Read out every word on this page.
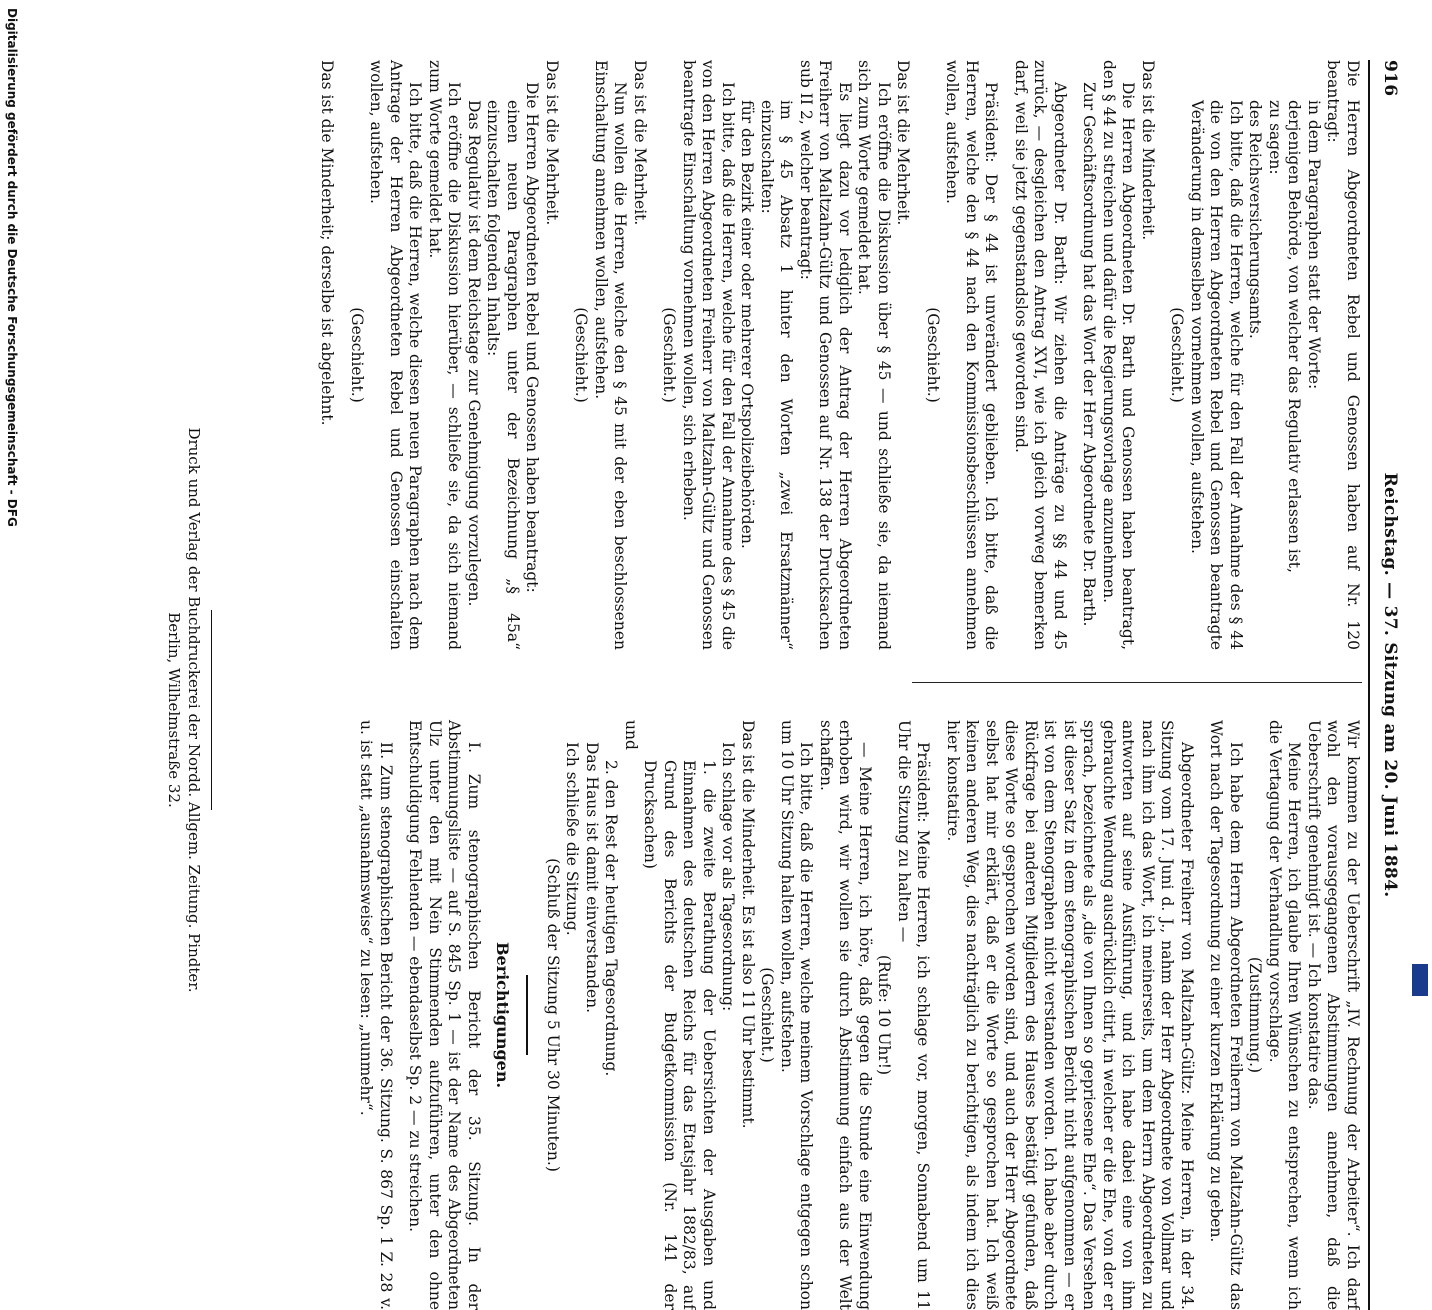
916
Reichstag. — 37. Sitzung am 20. Juni 1884.

Die Herren Abgeordneten Rebel und Genossen haben auf Nr. 120 beantragt:

in dem Paragraphen statt der Worte:

derjenigen Behörde, von welcher das Regulativ erlassen ist,

zu sagen:

des Reichsversicherungsamts.

Ich bitte, daß die Herren, welche für den Fall der Annahme des § 44 die von den Herren Abgeordneten Rebel und Genossen beantragte Veränderung in demselben vornehmen wollen, aufstehen.

(Geschieht.)

Das ist die Minderheit.

Die Herren Abgeordneten Dr. Barth und Genossen haben beantragt, den § 44 zu streichen und dafür die Regierungsvorlage anzunehmen.

Zur Geschäftsordnung hat das Wort der Herr Abgeordnete Dr. Barth.

Abgeordneter Dr. Barth: Wir ziehen die Anträge zu §§ 44 und 45 zurück, — desgleichen den Antrag XVI, wie ich gleich vorweg bemerken darf, weil sie jetzt gegenstandslos geworden sind.

Präsident: Der § 44 ist unverändert geblieben. Ich bitte, daß die Herren, welche den § 44 nach den Kommissionsbeschlüssen annehmen wollen, aufstehen.

(Geschieht.)

Das ist die Mehrheit.

Ich eröffne die Diskussion über § 45 — und schließe sie, da niemand sich zum Worte gemeldet hat.

Es liegt dazu vor lediglich der Antrag der Herren Abgeordneten Freiherr von Maltzahn-Gültz und Genossen auf Nr. 138 der Drucksachen sub II 2, welcher beantragt:

im § 45 Absatz 1 hinter den Worten „zwei Ersatzmänner“ einzuschalten:

für den Bezirk einer oder mehrerer Ortspolizeibehörden.

Ich bitte, daß die Herren, welche für den Fall der Annahme des § 45 die von den Herren Abgeordneten Freiherr von Maltzahn-Gültz und Genossen beantragte Einschaltung vornehmen wollen, sich erheben.

(Geschieht.)

Das ist die Mehrheit.

Nun wollen die Herren, welche den § 45 mit der eben beschlossenen Einschaltung annehmen wollen, aufstehen.

(Geschieht.)

Das ist die Mehrheit.

Die Herren Abgeordneten Rebel und Genossen haben beantragt:

einen neuen Paragraphen unter der Bezeichnung „§ 45a“ einzuschalten folgenden Inhalts:

Das Regulativ ist dem Reichstage zur Genehmigung vorzulegen.

Ich eröffne die Diskussion hierüber, — schließe sie, da sich niemand zum Worte gemeldet hat.

Ich bitte, daß die Herren, welche diesen neuen Paragraphen nach dem Antrage der Herren Abgeordneten Rebel und Genossen einschalten wollen, aufstehen.

(Geschieht.)

Das ist die Minderheit; derselbe ist abgelehnt.

Wir kommen zu der Ueberschrift „IV. Rechnung der Arbeiter“. Ich darf wohl den vorausgegangenen Abstimmungen annehmen, daß die Ueberschrift genehmigt ist. — Ich konstatire das.

Meine Herren, ich glaube Ihren Wünschen zu entsprechen, wenn ich die Vertagung der Verhandlung vorschlage.

(Zustimmung.)

Ich habe dem Herrn Abgeordneten Freiherrn von Maltzahn-Gültz das Wort nach der Tagesordnung zu einer kurzen Erklärung zu geben.

Abgeordneter Freiherr von Maltzahn-Gültz: Meine Herren, in der 34. Sitzung vom 17. Juni d. J., nahm der Herr Abgeordnete von Vollmar und nach ihm ich das Wort, ich meinerseits, um dem Herrn Abgeordneten zu antworten auf seine Ausführung, und ich habe dabei eine von ihm gebrauchte Wendung ausdrücklich citirt, in welcher er die Ehe, von der er sprach, bezeichnete als „die von Ihnen so gepriesene Ehe“. Das Versehen ist dieser Satz in dem stenographischen Bericht nicht aufgenommen — er ist von dem Stenographen nicht verstanden worden. Ich habe aber durch Rückfrage bei anderen Mitgliedern des Hauses bestätigt gefunden, daß diese Worte so gesprochen worden sind, und auch der Herr Abgeordnete selbst hat mir erklärt, daß er die Worte so gesprochen hat. Ich weiß keinen anderen Weg, dies nachträglich zu berichtigen, als indem ich dies hier konstatire.

Präsident: Meine Herren, ich schlage vor, morgen, Sonnabend um 11 Uhr die Sitzung zu halten —

(Rufe: 10 Uhr!)

— Meine Herren, ich höre, daß gegen die Stunde eine Einwendung erhoben wird, wir wollen sie durch Abstimmung einfach aus der Welt schaffen.

Ich bitte, daß die Herren, welche meinem Vorschlage entgegen schon um 10 Uhr Sitzung halten wollen, aufstehen.

(Geschieht.)

Das ist die Minderheit. Es ist also 11 Uhr bestimmt.

Ich schlage vor als Tagesordnung:

1. die zweite Berathung der Uebersichten der Ausgaben und Einnahmen des deutschen Reichs für das Etatsjahr 1882/83, auf Grund des Berichts der Budgetkommission (Nr. 141 der Drucksachen)

und

2. den Rest der heutigen Tagesordnung.

Das Haus ist damit einverstanden.

Ich schließe die Sitzung.

(Schluß der Sitzung 5 Uhr 30 Minuten.)

Berichtigungen.

I. Zum stenographischen Bericht der 35. Sitzung. In der Abstimmungsliste — auf S. 845 Sp. 1 — ist der Name des Abgeordneten Ulz unter den mit Nein Stimmenden aufzuführen, unter den ohne Entschuldigung Fehlenden — ebendaselbst Sp. 2 — zu streichen.

II. Zum stenographischen Bericht der 36. Sitzung. S. 867 Sp. 1 Z. 28 v. u. ist statt „ausnahmsweise“ zu lesen: „nunmehr“.

Druck und Verlag der Buchdruckerei der Nordd. Allgem. Zeitung. Pindter.
Berlin, Wilhelmstraße 32.
Digitalisierung gefördert durch die Deutsche Forschungsgemeinschaft - DFG
